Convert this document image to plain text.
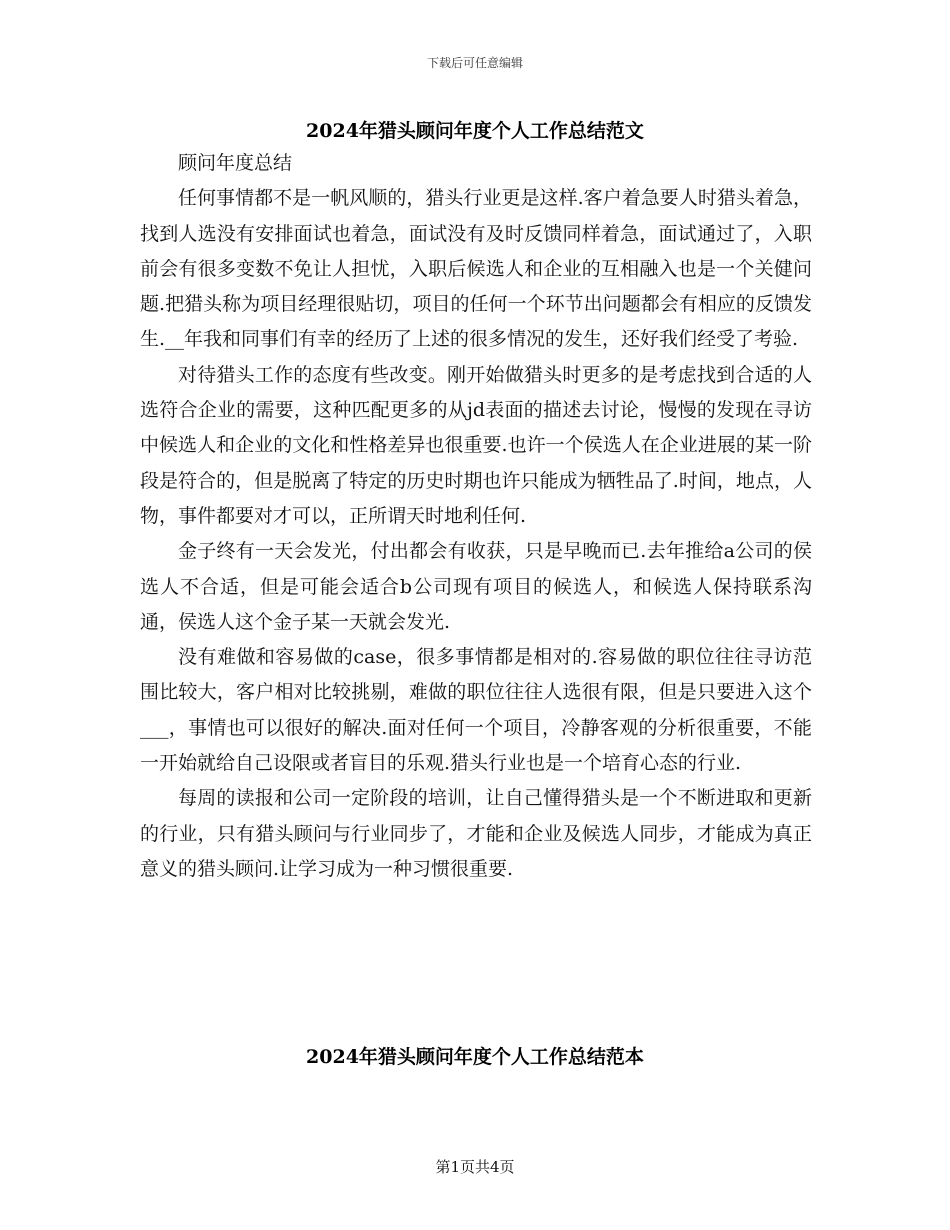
下载后可任意编辑
2024年猎头顾问年度个人工作总结范文

顾问年度总结

任何事情都不是一帆风顺的，猎头行业更是这样.客户着急要人时猎头着急，找到人选没有安排面试也着急，面试没有及时反馈同样着急，面试通过了，入职前会有很多变数不免让人担忧，入职后候选人和企业的互相融入也是一个关健问题.把猎头称为项目经理很贴切，项目的任何一个环节出问题都会有相应的反馈发生.__年我和同事们有幸的经历了上述的很多情况的发生，还好我们经受了考验.

对待猎头工作的态度有些改变。刚开始做猎头时更多的是考虑找到合适的人选符合企业的需要，这种匹配更多的从jd表面的描述去讨论，慢慢的发现在寻访中候选人和企业的文化和性格差异也很重要.也许一个侯选人在企业进展的某一阶段是符合的，但是脱离了特定的历史时期也许只能成为牺牲品了.时间，地点，人物，事件都要对才可以，正所谓天时地利任何.

金子终有一天会发光，付出都会有收获，只是早晚而已.去年推给a公司的侯选人不合适，但是可能会适合b公司现有项目的候选人，和候选人保持联系沟通，侯选人这个金子某一天就会发光.

没有难做和容易做的case，很多事情都是相对的.容易做的职位往往寻访范围比较大，客户相对比较挑剔，难做的职位往往人选很有限，但是只要进入这个___，事情也可以很好的解决.面对任何一个项目，冷静客观的分析很重要，不能一开始就给自己设限或者盲目的乐观.猎头行业也是一个培育心态的行业.

每周的读报和公司一定阶段的培训，让自己懂得猎头是一个不断进取和更新的行业，只有猎头顾问与行业同步了，才能和企业及候选人同步，才能成为真正意义的猎头顾问.让学习成为一种习惯很重要.

2024年猎头顾问年度个人工作总结范本
第1页共4页
